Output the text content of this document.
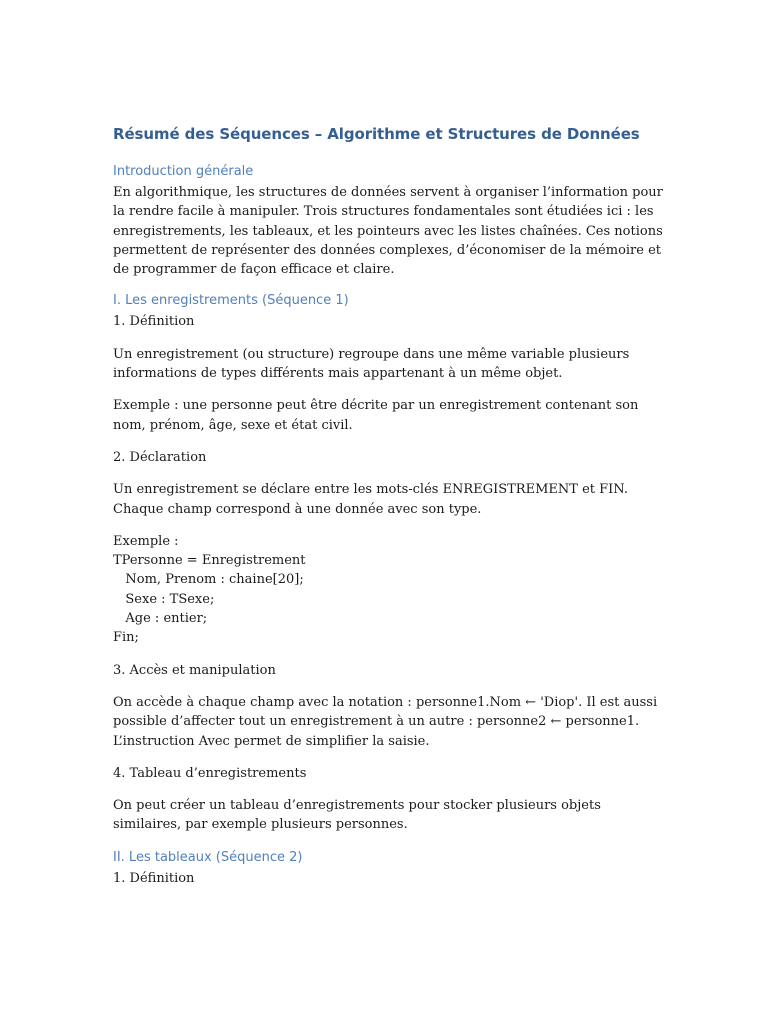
Résumé des Séquences – Algorithme et Structures de Données
Introduction générale

En algorithmique, les structures de données servent à organiser l’information pour la rendre facile à manipuler. Trois structures fondamentales sont étudiées ici : les enregistrements, les tableaux, et les pointeurs avec les listes chaînées. Ces notions permettent de représenter des données complexes, d’économiser de la mémoire et de programmer de façon efficace et claire.

I. Les enregistrements (Séquence 1)
1. Définition

Un enregistrement (ou structure) regroupe dans une même variable plusieurs informations de types différents mais appartenant à un même objet.

Exemple : une personne peut être décrite par un enregistrement contenant son nom, prénom, âge, sexe et état civil.

2. Déclaration

Un enregistrement se déclare entre les mots-clés ENREGISTREMENT et FIN. Chaque champ correspond à une donnée avec son type.

Exemple :
TPersonne = Enregistrement
Nom, Prenom : chaine[20];
Sexe : TSexe;
Age : entier;
Fin;
3. Accès et manipulation

On accède à chaque champ avec la notation : personne1.Nom ← 'Diop'. Il est aussi possible d’affecter tout un enregistrement à un autre : personne2 ← personne1. L’instruction Avec permet de simplifier la saisie.

4. Tableau d’enregistrements

On peut créer un tableau d’enregistrements pour stocker plusieurs objets similaires, par exemple plusieurs personnes.

II. Les tableaux (Séquence 2)
1. Définition
